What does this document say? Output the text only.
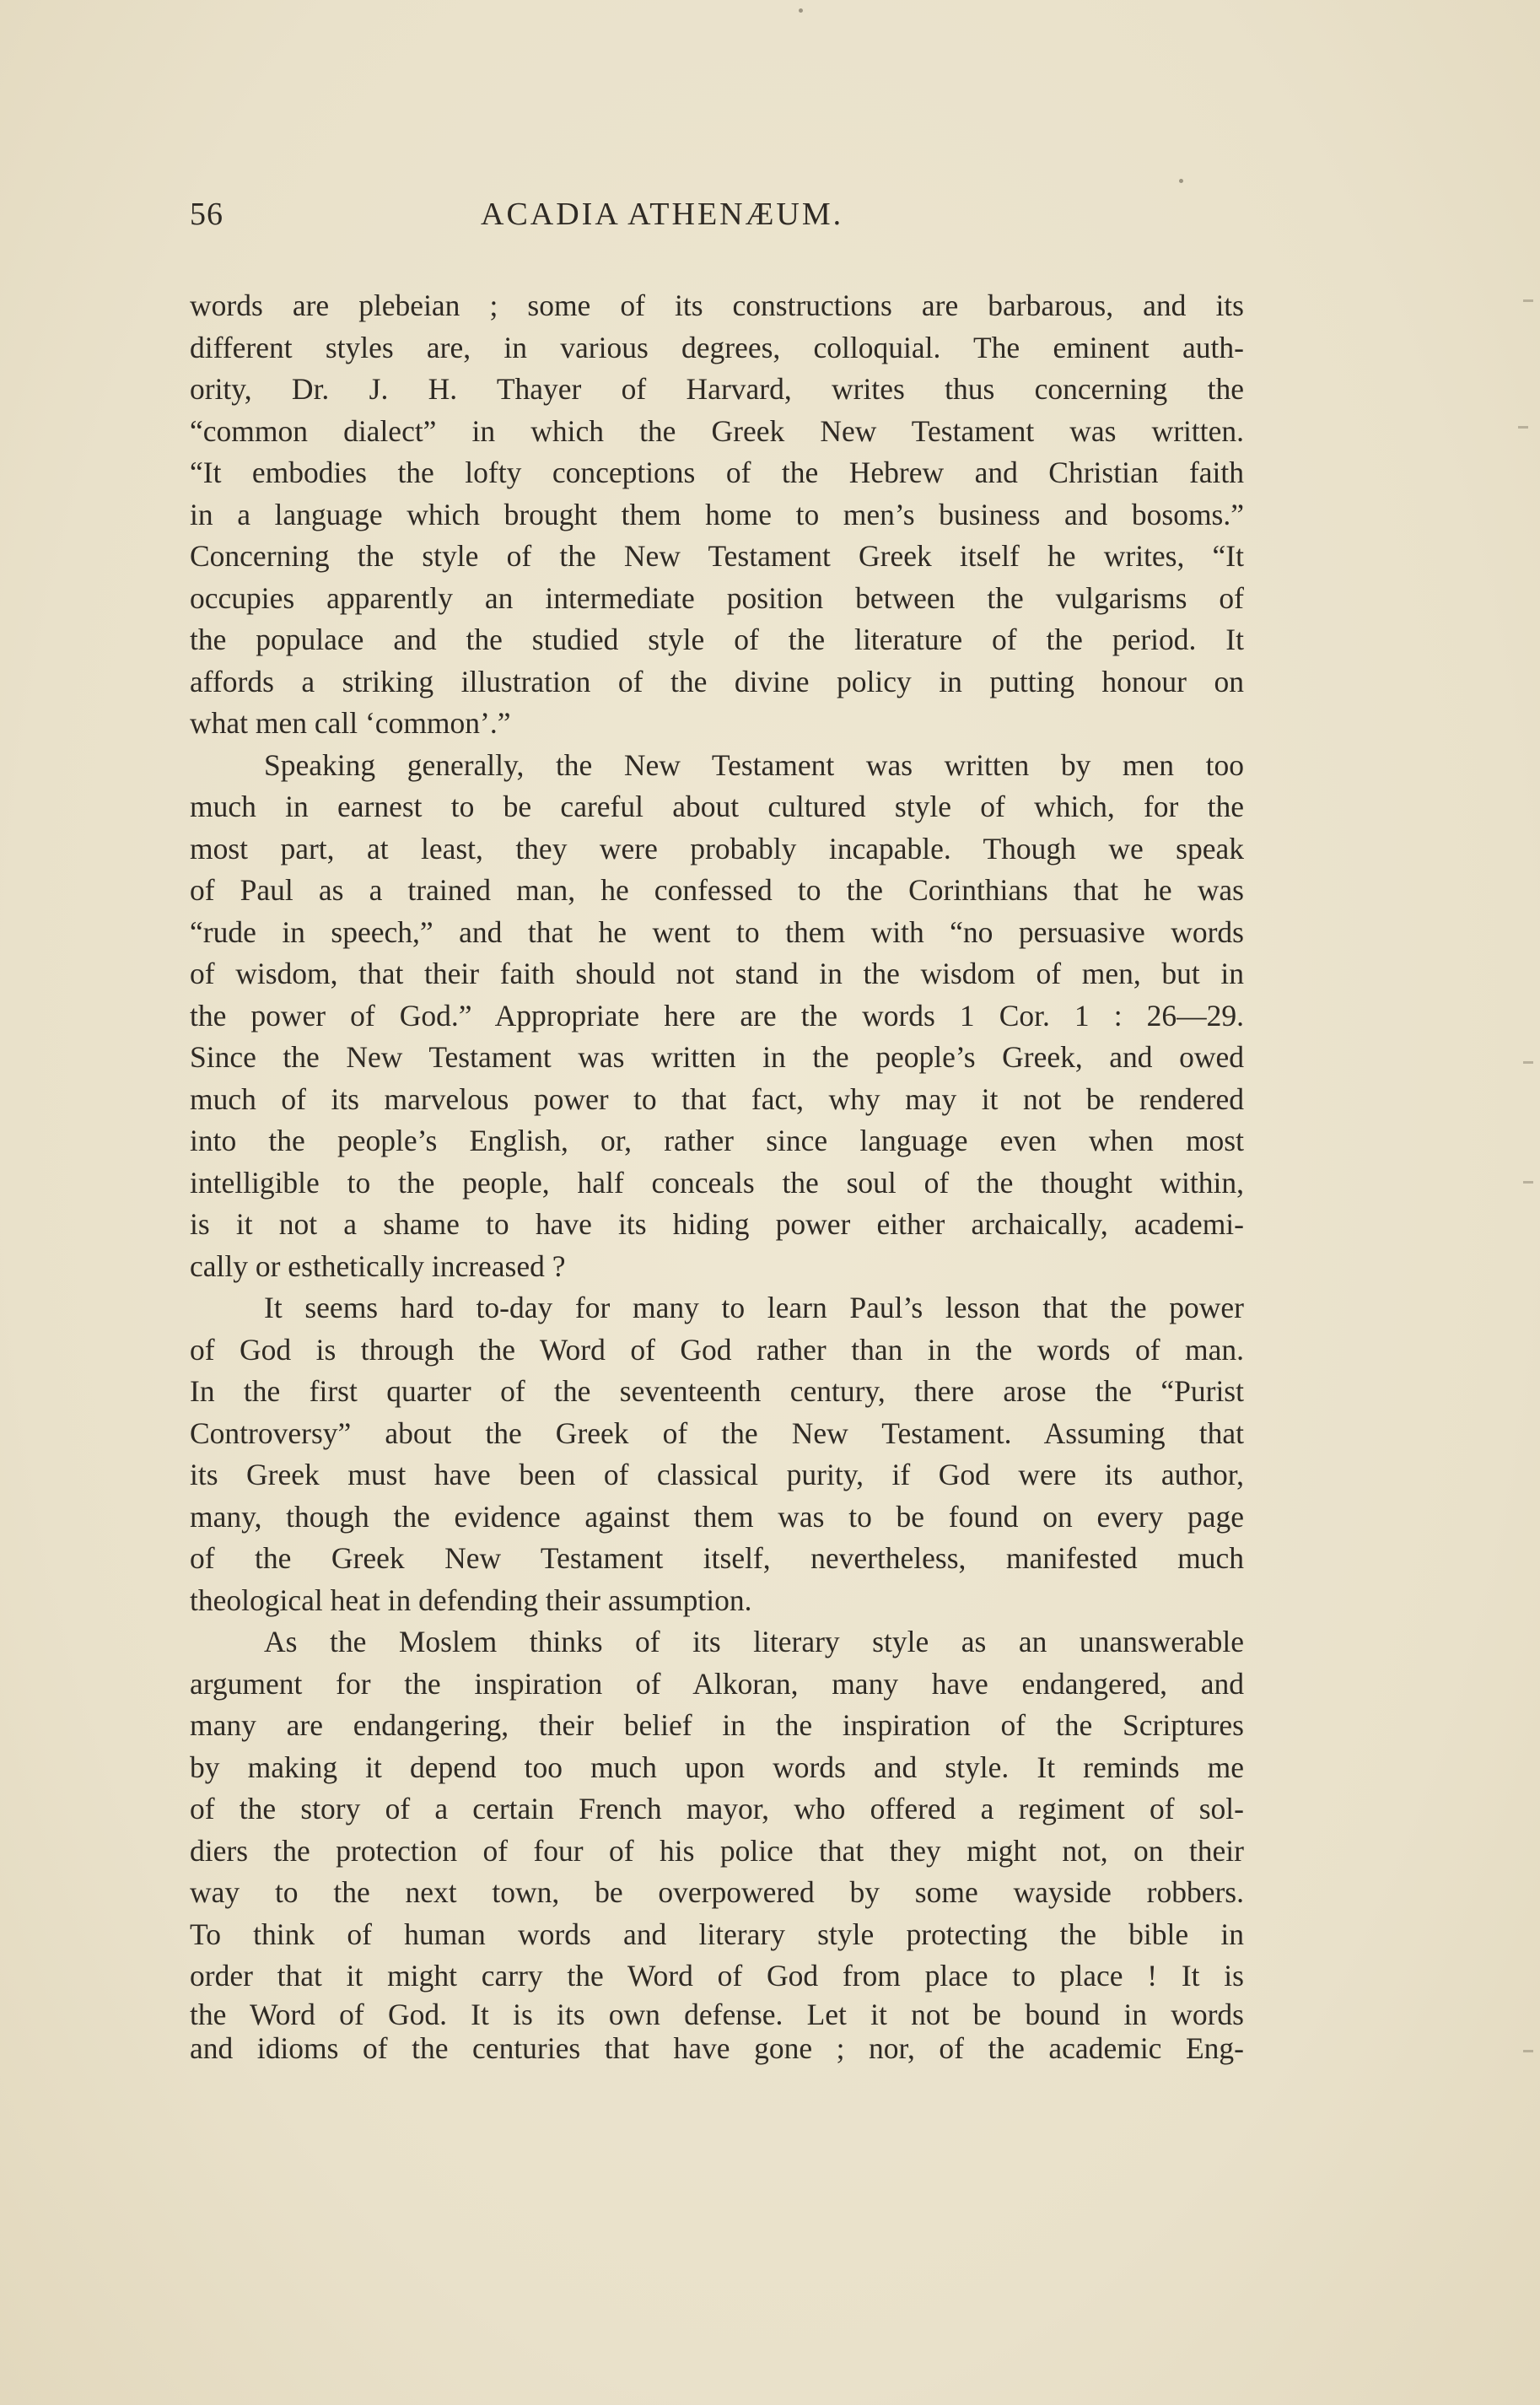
56	ACADIA ATHENÆUM.
words are plebeian ; some of its constructions are barbarous, and its
different styles are, in various degrees, colloquial. The eminent auth-
ority, Dr. J. H. Thayer of Harvard, writes thus concerning the
“common dialect” in which the Greek New Testament was written.
“It embodies the lofty conceptions of the Hebrew and Christian faith
in a language which brought them home to men’s business and bosoms.”
Concerning the style of the New Testament Greek itself he writes, “It
occupies apparently an intermediate position between the vulgarisms of
the populace and the studied style of the literature of the period. It
affords a striking illustration of the divine policy in putting honour on
what men call ‘common’.”
Speaking generally, the New Testament was written by men too
much in earnest to be careful about cultured style of which, for the
most part, at least, they were probably incapable. Though we speak
of Paul as a trained man, he confessed to the Corinthians that he was
“rude in speech,” and that he went to them with “no persuasive words
of wisdom, that their faith should not stand in the wisdom of men, but in
the power of God.” Appropriate here are the words 1 Cor. 1 : 26—29.
Since the New Testament was written in the people’s Greek, and owed
much of its marvelous power to that fact, why may it not be rendered
into the people’s English, or, rather since language even when most
intelligible to the people, half conceals the soul of the thought within,
is it not a shame to have its hiding power either archaically, academi-
cally or esthetically increased ?
It seems hard to-day for many to learn Paul’s lesson that the power
of God is through the Word of God rather than in the words of man.
In the first quarter of the seventeenth century, there arose the “Purist
Controversy” about the Greek of the New Testament. Assuming that
its Greek must have been of classical purity, if God were its author,
many, though the evidence against them was to be found on every page
of the Greek New Testament itself, nevertheless, manifested much
theological heat in defending their assumption.
As the Moslem thinks of its literary style as an unanswerable
argument for the inspiration of Alkoran, many have endangered, and
many are endangering, their belief in the inspiration of the Scriptures
by making it depend too much upon words and style. It reminds me
of the story of a certain French mayor, who offered a regiment of sol-
diers the protection of four of his police that they might not, on their
way to the next town, be overpowered by some wayside robbers.
To think of human words and literary style protecting the bible in
order that it might carry the Word of God from place to place ! It is
the Word of God. It is its own defense. Let it not be bound in words
and idioms of the centuries that have gone ; nor, of the academic Eng-
